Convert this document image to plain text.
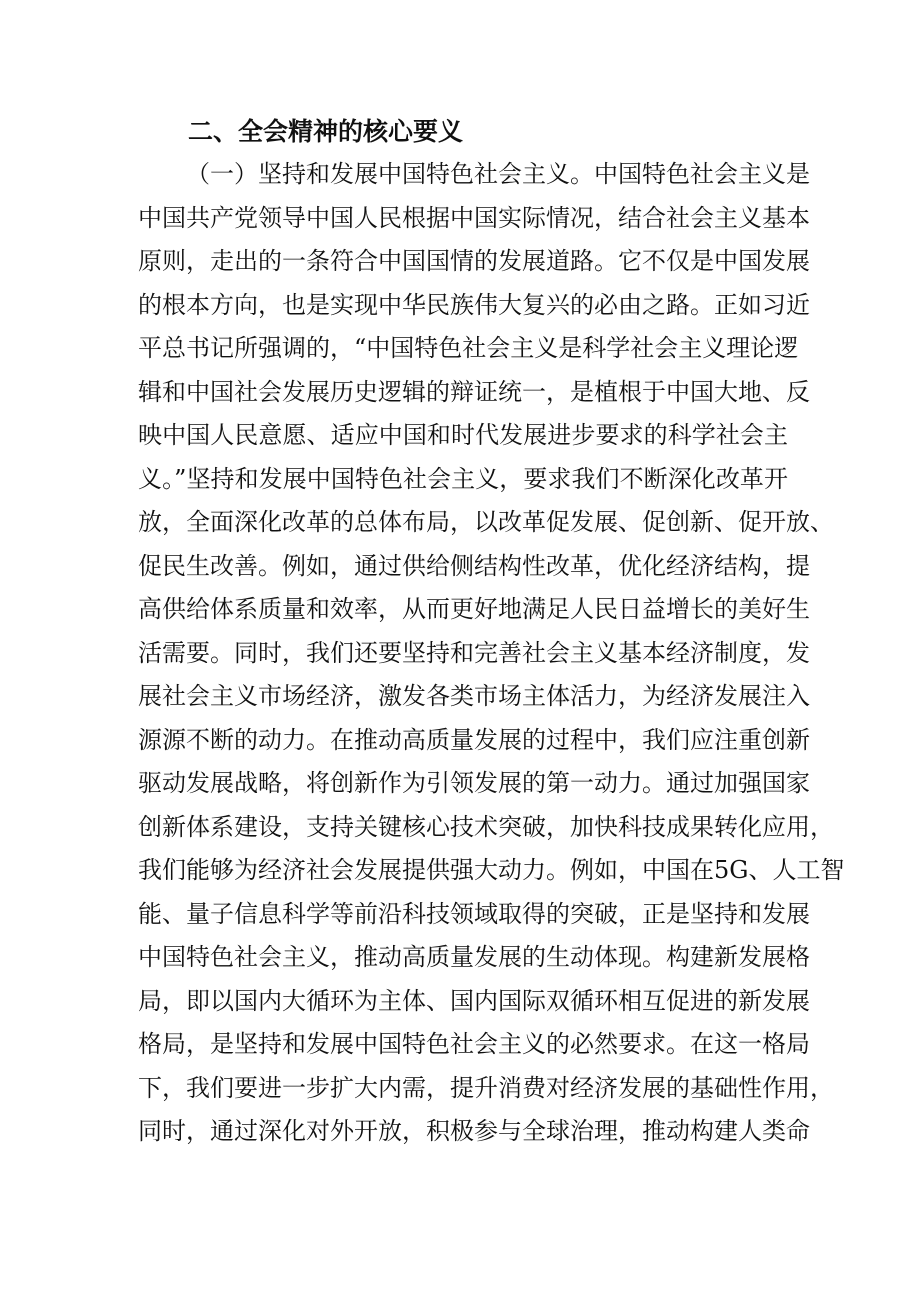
二、全会精神的核心要义
（一）坚持和发展中国特色社会主义。中国特色社会主义是
中国共产党领导中国人民根据中国实际情况，结合社会主义基本
原则，走出的一条符合中国国情的发展道路。它不仅是中国发展
的根本方向，也是实现中华民族伟大复兴的必由之路。正如习近
平总书记所强调的，“中国特色社会主义是科学社会主义理论逻
辑和中国社会发展历史逻辑的辩证统一，是植根于中国大地、反
映中国人民意愿、适应中国和时代发展进步要求的科学社会主
义。”坚持和发展中国特色社会主义，要求我们不断深化改革开
放，全面深化改革的总体布局，以改革促发展、促创新、促开放、
促民生改善。例如，通过供给侧结构性改革，优化经济结构，提
高供给体系质量和效率，从而更好地满足人民日益增长的美好生
活需要。同时，我们还要坚持和完善社会主义基本经济制度，发
展社会主义市场经济，激发各类市场主体活力，为经济发展注入
源源不断的动力。在推动高质量发展的过程中，我们应注重创新
驱动发展战略，将创新作为引领发展的第一动力。通过加强国家
创新体系建设，支持关键核心技术突破，加快科技成果转化应用，
我们能够为经济社会发展提供强大动力。例如，中国在5G、人工智
能、量子信息科学等前沿科技领域取得的突破，正是坚持和发展
中国特色社会主义，推动高质量发展的生动体现。构建新发展格
局，即以国内大循环为主体、国内国际双循环相互促进的新发展
格局，是坚持和发展中国特色社会主义的必然要求。在这一格局
下，我们要进一步扩大内需，提升消费对经济发展的基础性作用，
同时，通过深化对外开放，积极参与全球治理，推动构建人类命
